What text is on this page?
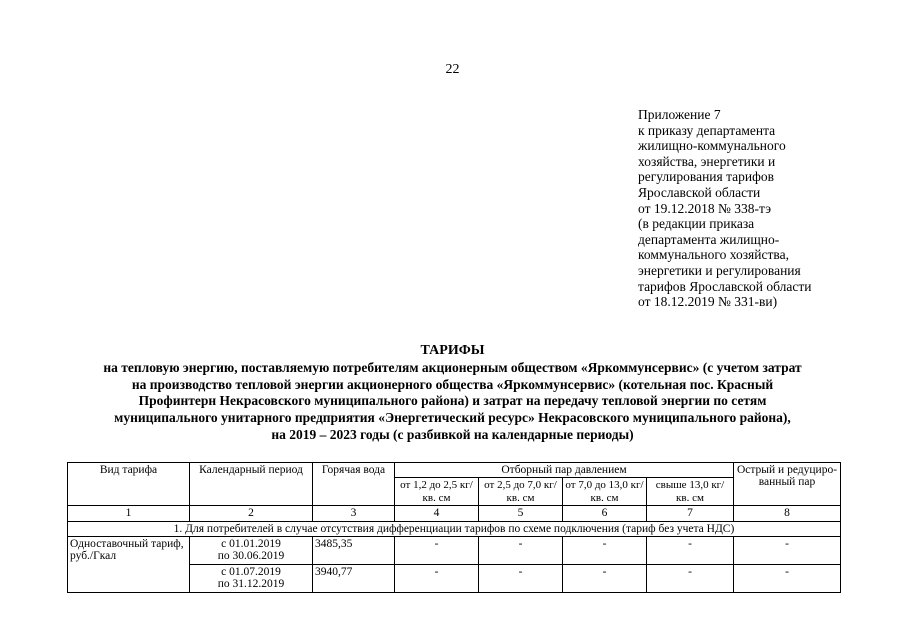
22
Приложение 7
к приказу департамента
жилищно-коммунального
хозяйства, энергетики и
регулирования тарифов
Ярославской области
от 19.12.2018 № 338-тэ
(в редакции приказа
департамента жилищно-
коммунального хозяйства,
энергетики и регулирования
тарифов Ярославской области
от 18.12.2019 № 331-ви)
ТАРИФЫ
на тепловую энергию, поставляемую потребителям акционерным обществом «Яркоммунсервис» (с учетом затрат
на производство тепловой энергии акционерного общества «Яркоммунсервис» (котельная пос. Красный
Профинтерн Некрасовского муниципального района) и затрат на передачу тепловой энергии по сетям
муниципального унитарного предприятия «Энергетический ресурс» Некрасовского муниципального района),
на 2019 – 2023 годы (с разбивкой на календарные периоды)
Вид тарифа	Календарный период	Горячая вода	Отборный пар давлением				Острый и редуциро-ванный пар
			от 1,2 до 2,5 кг/ кв. см	от 2,5 до 7,0 кг/ кв. см	от 7,0 до 13,0 кг/ кв. см	свыше 13,0 кг/ кв. см	
1	2	3	4	5	6	7	8
1. Для потребителей в случае отсутствия дифференциации тарифов по схеме подключения (тариф без учета НДС)							
Одноставочный тариф, руб./Гкал	с 01.01.2019
по 30.06.2019	3485,35	-	-	-	-	-

	с 01.07.2019
по 31.12.2019	3940,77	-	-	-	-	-
